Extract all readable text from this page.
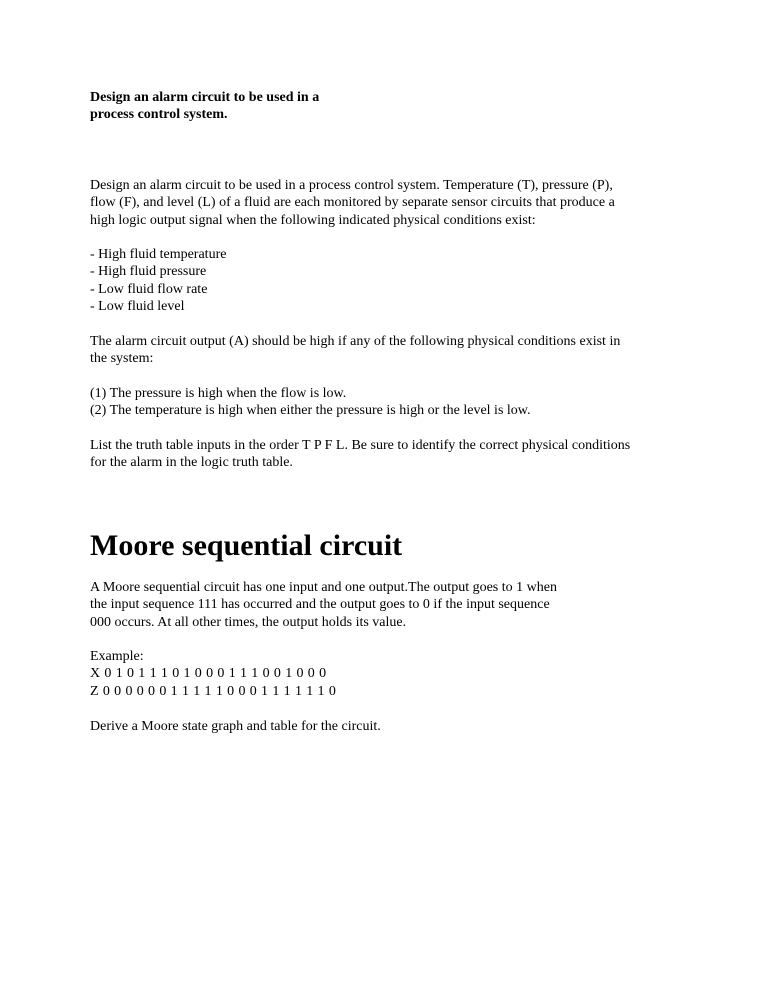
Design an alarm circuit to be used in a
process control system.
Design an alarm circuit to be used in a process control system. Temperature (T), pressure (P),
flow (F), and level (L) of a fluid are each monitored by separate sensor circuits that produce a
high logic output signal when the following indicated physical conditions exist:
- High fluid temperature
- High fluid pressure
- Low fluid flow rate
- Low fluid level
The alarm circuit output (A) should be high if any of the following physical conditions exist in
the system:
(1) The pressure is high when the flow is low.
(2) The temperature is high when either the pressure is high or the level is low.
List the truth table inputs in the order T P F L. Be sure to identify the correct physical conditions
for the alarm in the logic truth table.
Moore sequential circuit
A Moore sequential circuit has one input and one output.The output goes to 1 when
the input sequence 111 has occurred and the output goes to 0 if the input sequence
000 occurs. At all other times, the output holds its value.
Example:
X 0 1 0 1 1 1 0 1 0 0 0 1 1 1 0 0 1 0 0 0
Z 0 0 0 0 0 0 1 1 1 1 1 0 0 0 1 1 1 1 1 1 0
Derive a Moore state graph and table for the circuit.
